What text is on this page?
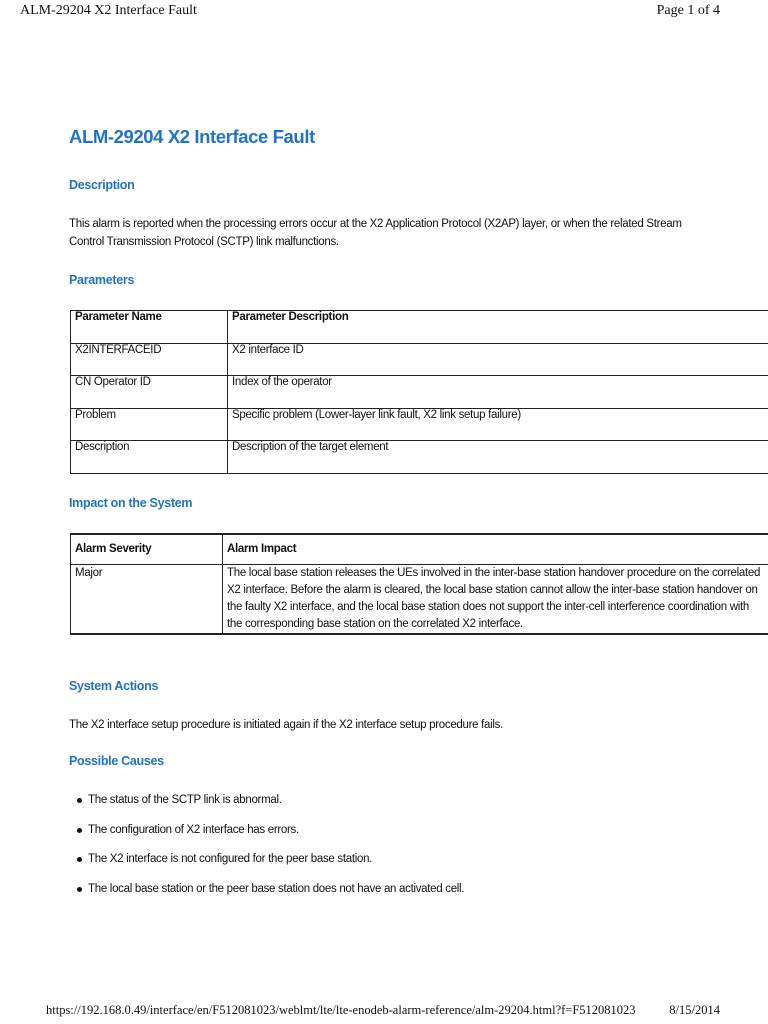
ALM-29204 X2 Interface Fault	Page 1 of 4
ALM-29204 X2 Interface Fault
Description

This alarm is reported when the processing errors occur at the X2 Application Protocol (X2AP) layer, or when the related Stream Control Transmission Protocol (SCTP) link malfunctions.

Parameters
Parameter Name	Parameter Description
X2INTERFACEID	X2 interface ID
CN Operator ID	Index of the operator
Problem	Specific problem (Lower-layer link fault, X2 link setup failure)
Description	Description of the target element
Impact on the System
Alarm Severity	Alarm Impact
Major	The local base station releases the UEs involved in the inter-base station handover procedure on the correlated X2 interface. Before the alarm is cleared, the local base station cannot allow the inter-base station handover on the faulty X2 interface, and the local base station does not support the inter-cell interference coordination with the corresponding base station on the correlated X2 interface.
System Actions

The X2 interface setup procedure is initiated again if the X2 interface setup procedure fails.

Possible Causes
The status of the SCTP link is abnormal.
The configuration of X2 interface has errors.
The X2 interface is not configured for the peer base station.
The local base station or the peer base station does not have an activated cell.
https://192.168.0.49/interface/en/F512081023/weblmt/lte/lte-enodeb-alarm-reference/alm-29204.html?f=F512081023	8/15/2014
